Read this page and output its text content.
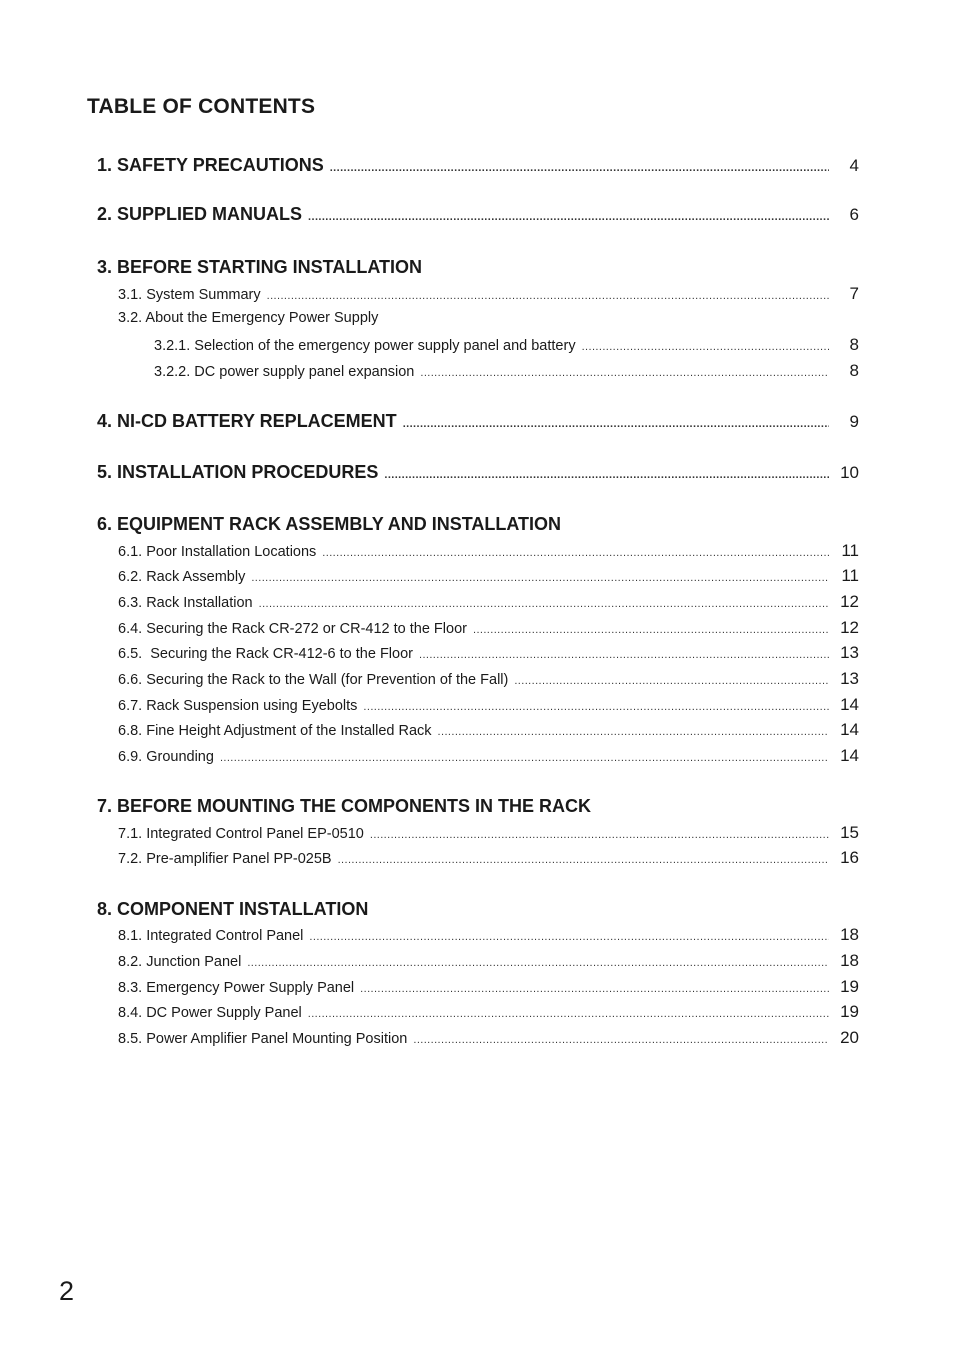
TABLE OF CONTENTS
1. SAFETY PRECAUTIONS .....	4
2. SUPPLIED MANUALS .....	6
3. BEFORE STARTING INSTALLATION
3.1. System Summary .....	7
3.2. About the Emergency Power Supply
3.2.1. Selection of the emergency power supply panel and battery .....	8
3.2.2. DC power supply panel expansion .....	8
4. NI-CD BATTERY REPLACEMENT .....	9
5. INSTALLATION PROCEDURES .....	10
6. EQUIPMENT RACK ASSEMBLY AND INSTALLATION
6.1. Poor Installation Locations .....	11
6.2. Rack Assembly .....	11
6.3. Rack Installation .....	12
6.4. Securing the Rack CR-272 or CR-412 to the Floor .....	12
6.5.  Securing the Rack CR-412-6 to the Floor .....	13
6.6. Securing the Rack to the Wall (for Prevention of the Fall) .....	13
6.7. Rack Suspension using Eyebolts .....	14
6.8. Fine Height Adjustment of the Installed Rack .....	14
6.9. Grounding .....	14
7. BEFORE MOUNTING THE COMPONENTS IN THE RACK
7.1. Integrated Control Panel EP-0510 .....	15
7.2. Pre-amplifier Panel PP-025B .....	16
8. COMPONENT INSTALLATION
8.1. Integrated Control Panel .....	18
8.2. Junction Panel .....	18
8.3. Emergency Power Supply Panel .....	19
8.4. DC Power Supply Panel .....	19
8.5. Power Amplifier Panel Mounting Position .....	20
2
